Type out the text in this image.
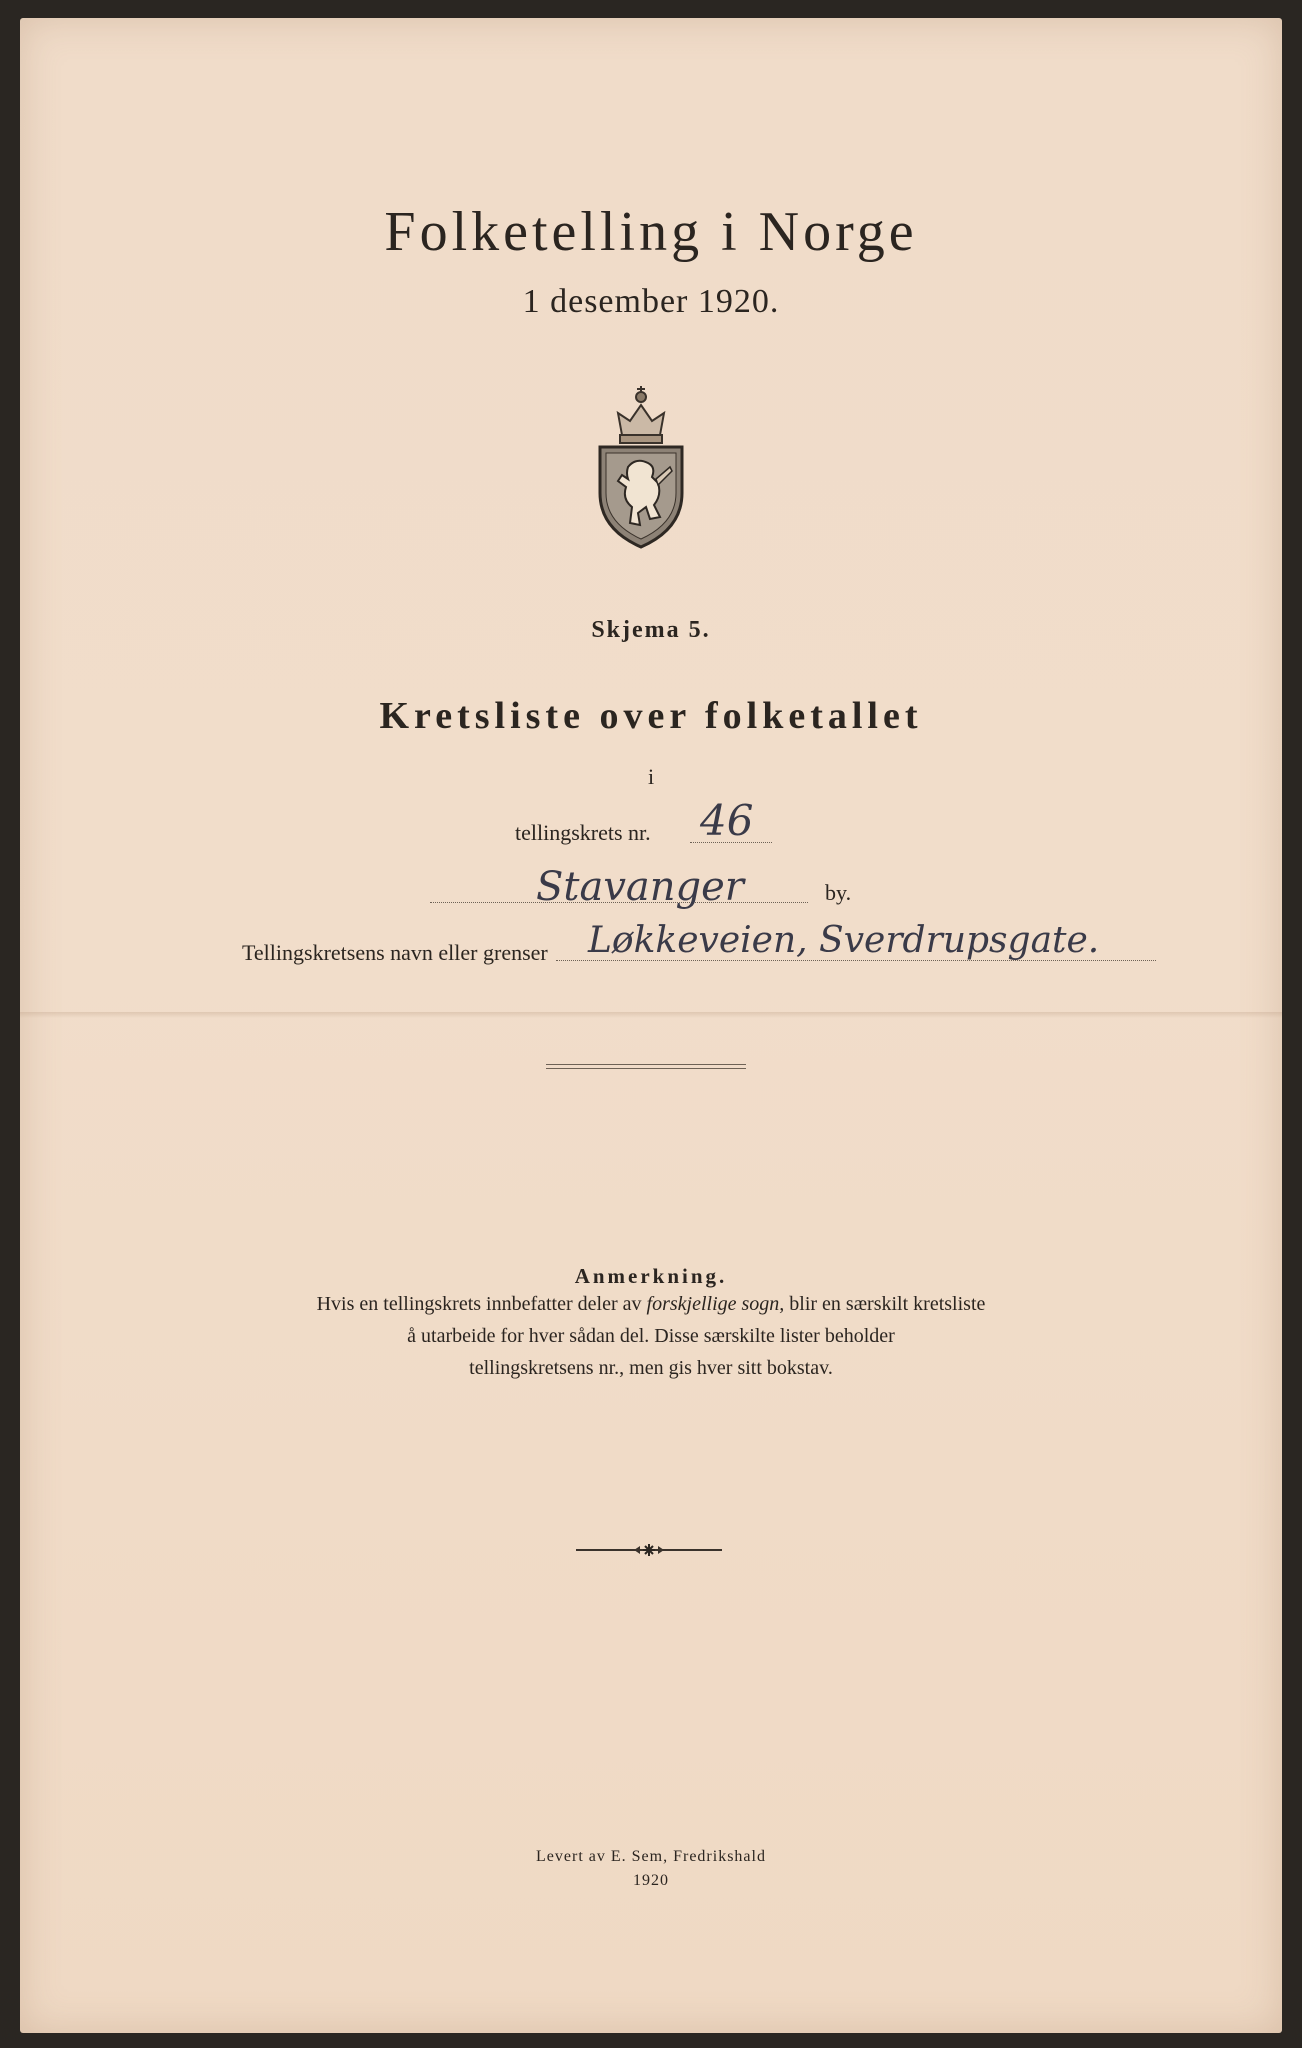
Folketelling i Norge
1 desember 1920.
Skjema 5.
Kretsliste over folketallet
i
tellingskrets nr. 46
Stavanger	by.
Tellingskretsens navn eller grenser Løkkeveien, Sverdrupsgate.
Anmerkning.
Hvis en tellingskrets innbefatter deler av forskjellige sogn, blir en særskilt kretsliste
å utarbeide for hver sådan del. Disse særskilte lister beholder
tellingskretsens nr., men gis hver sitt bokstav.
Levert av E. Sem, Fredrikshald
1920
